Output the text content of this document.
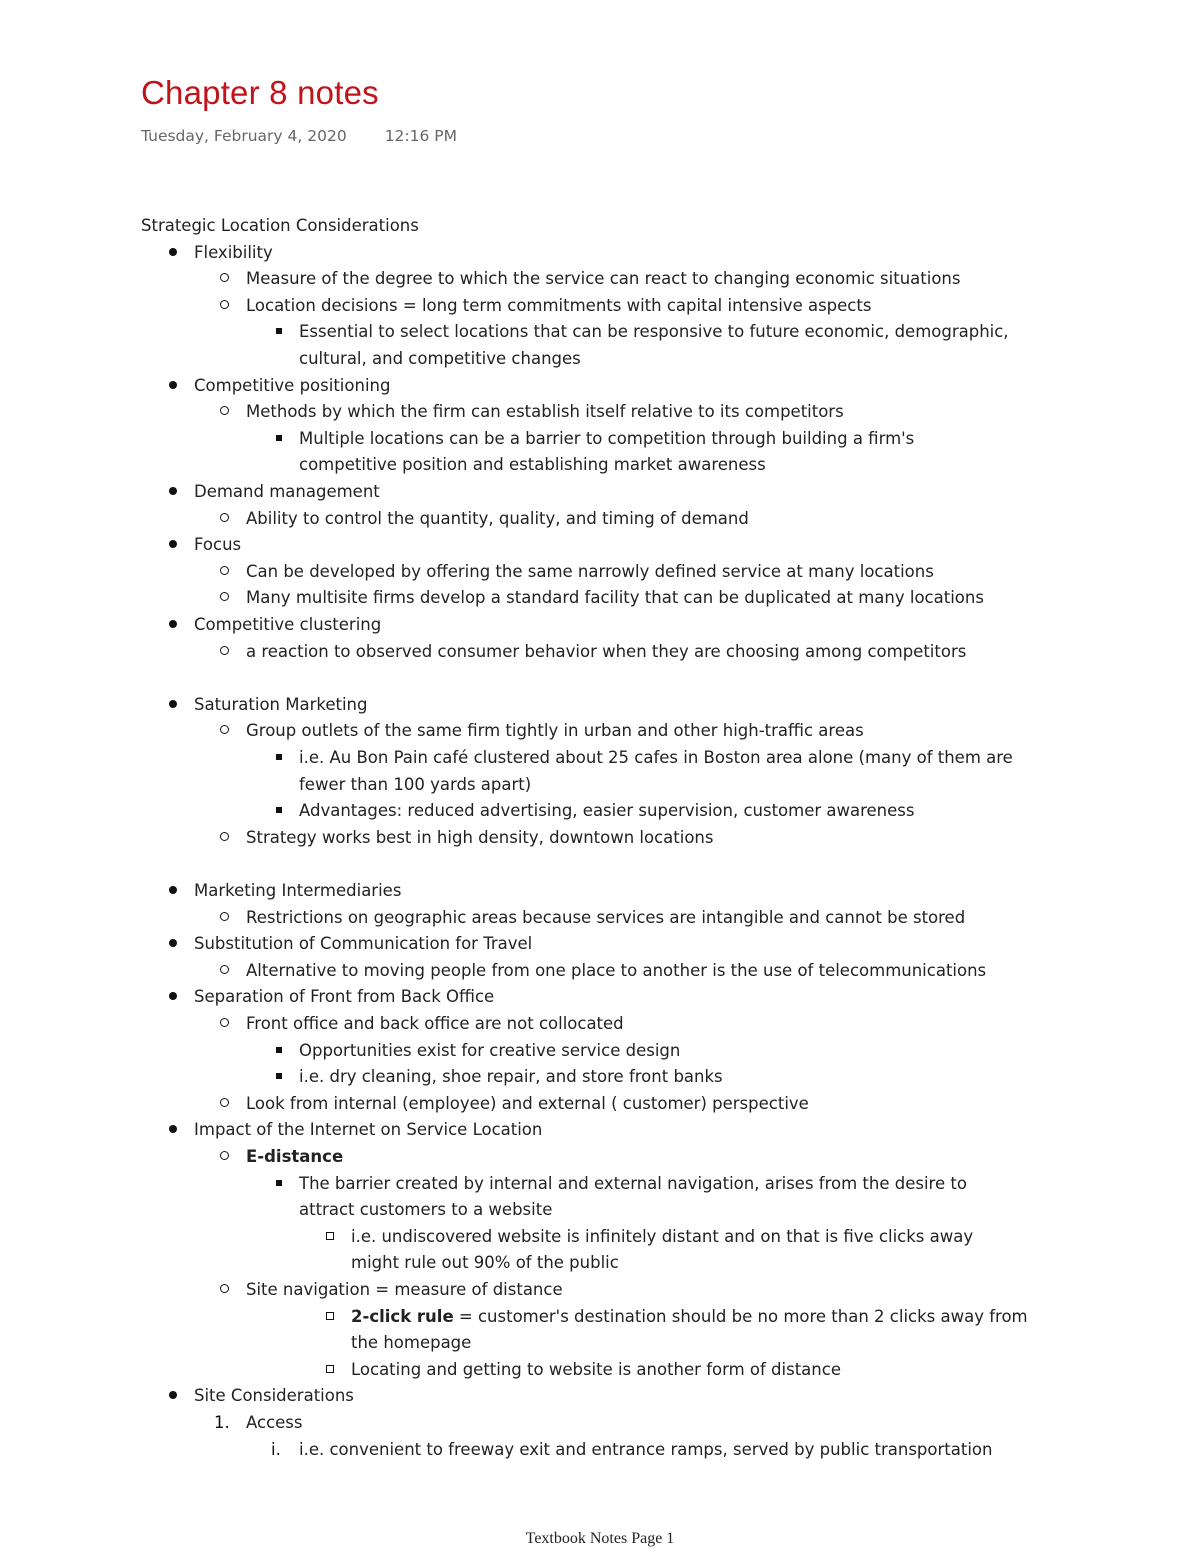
Chapter 8 notes
Tuesday, February 4, 2020 12:16 PM
Strategic Location Considerations
Flexibility
Measure of the degree to which the service can react to changing economic situations
Location decisions = long term commitments with capital intensive aspects
Essential to select locations that can be responsive to future economic, demographic,
cultural, and competitive changes
Competitive positioning
Methods by which the firm can establish itself relative to its competitors
Multiple locations can be a barrier to competition through building a firm's
competitive position and establishing market awareness
Demand management
Ability to control the quantity, quality, and timing of demand
Focus
Can be developed by offering the same narrowly defined service at many locations
Many multisite firms develop a standard facility that can be duplicated at many locations
Competitive clustering
a reaction to observed consumer behavior when they are choosing among competitors
Saturation Marketing
Group outlets of the same firm tightly in urban and other high-traffic areas
i.e. Au Bon Pain café clustered about 25 cafes in Boston area alone (many of them are
fewer than 100 yards apart)
Advantages: reduced advertising, easier supervision, customer awareness
Strategy works best in high density, downtown locations
Marketing Intermediaries
Restrictions on geographic areas because services are intangible and cannot be stored
Substitution of Communication for Travel
Alternative to moving people from one place to another is the use of telecommunications
Separation of Front from Back Office
Front office and back office are not collocated
Opportunities exist for creative service design
i.e. dry cleaning, shoe repair, and store front banks
Look from internal (employee) and external ( customer) perspective
Impact of the Internet on Service Location
E-distance
The barrier created by internal and external navigation, arises from the desire to
attract customers to a website
i.e. undiscovered website is infinitely distant and on that is five clicks away
might rule out 90% of the public
Site navigation = measure of distance
2-click rule = customer's destination should be no more than 2 clicks away from
the homepage
Locating and getting to website is another form of distance
Site Considerations
1. Access
i.	i.e. convenient to freeway exit and entrance ramps, served by public transportation
Textbook Notes Page 1
